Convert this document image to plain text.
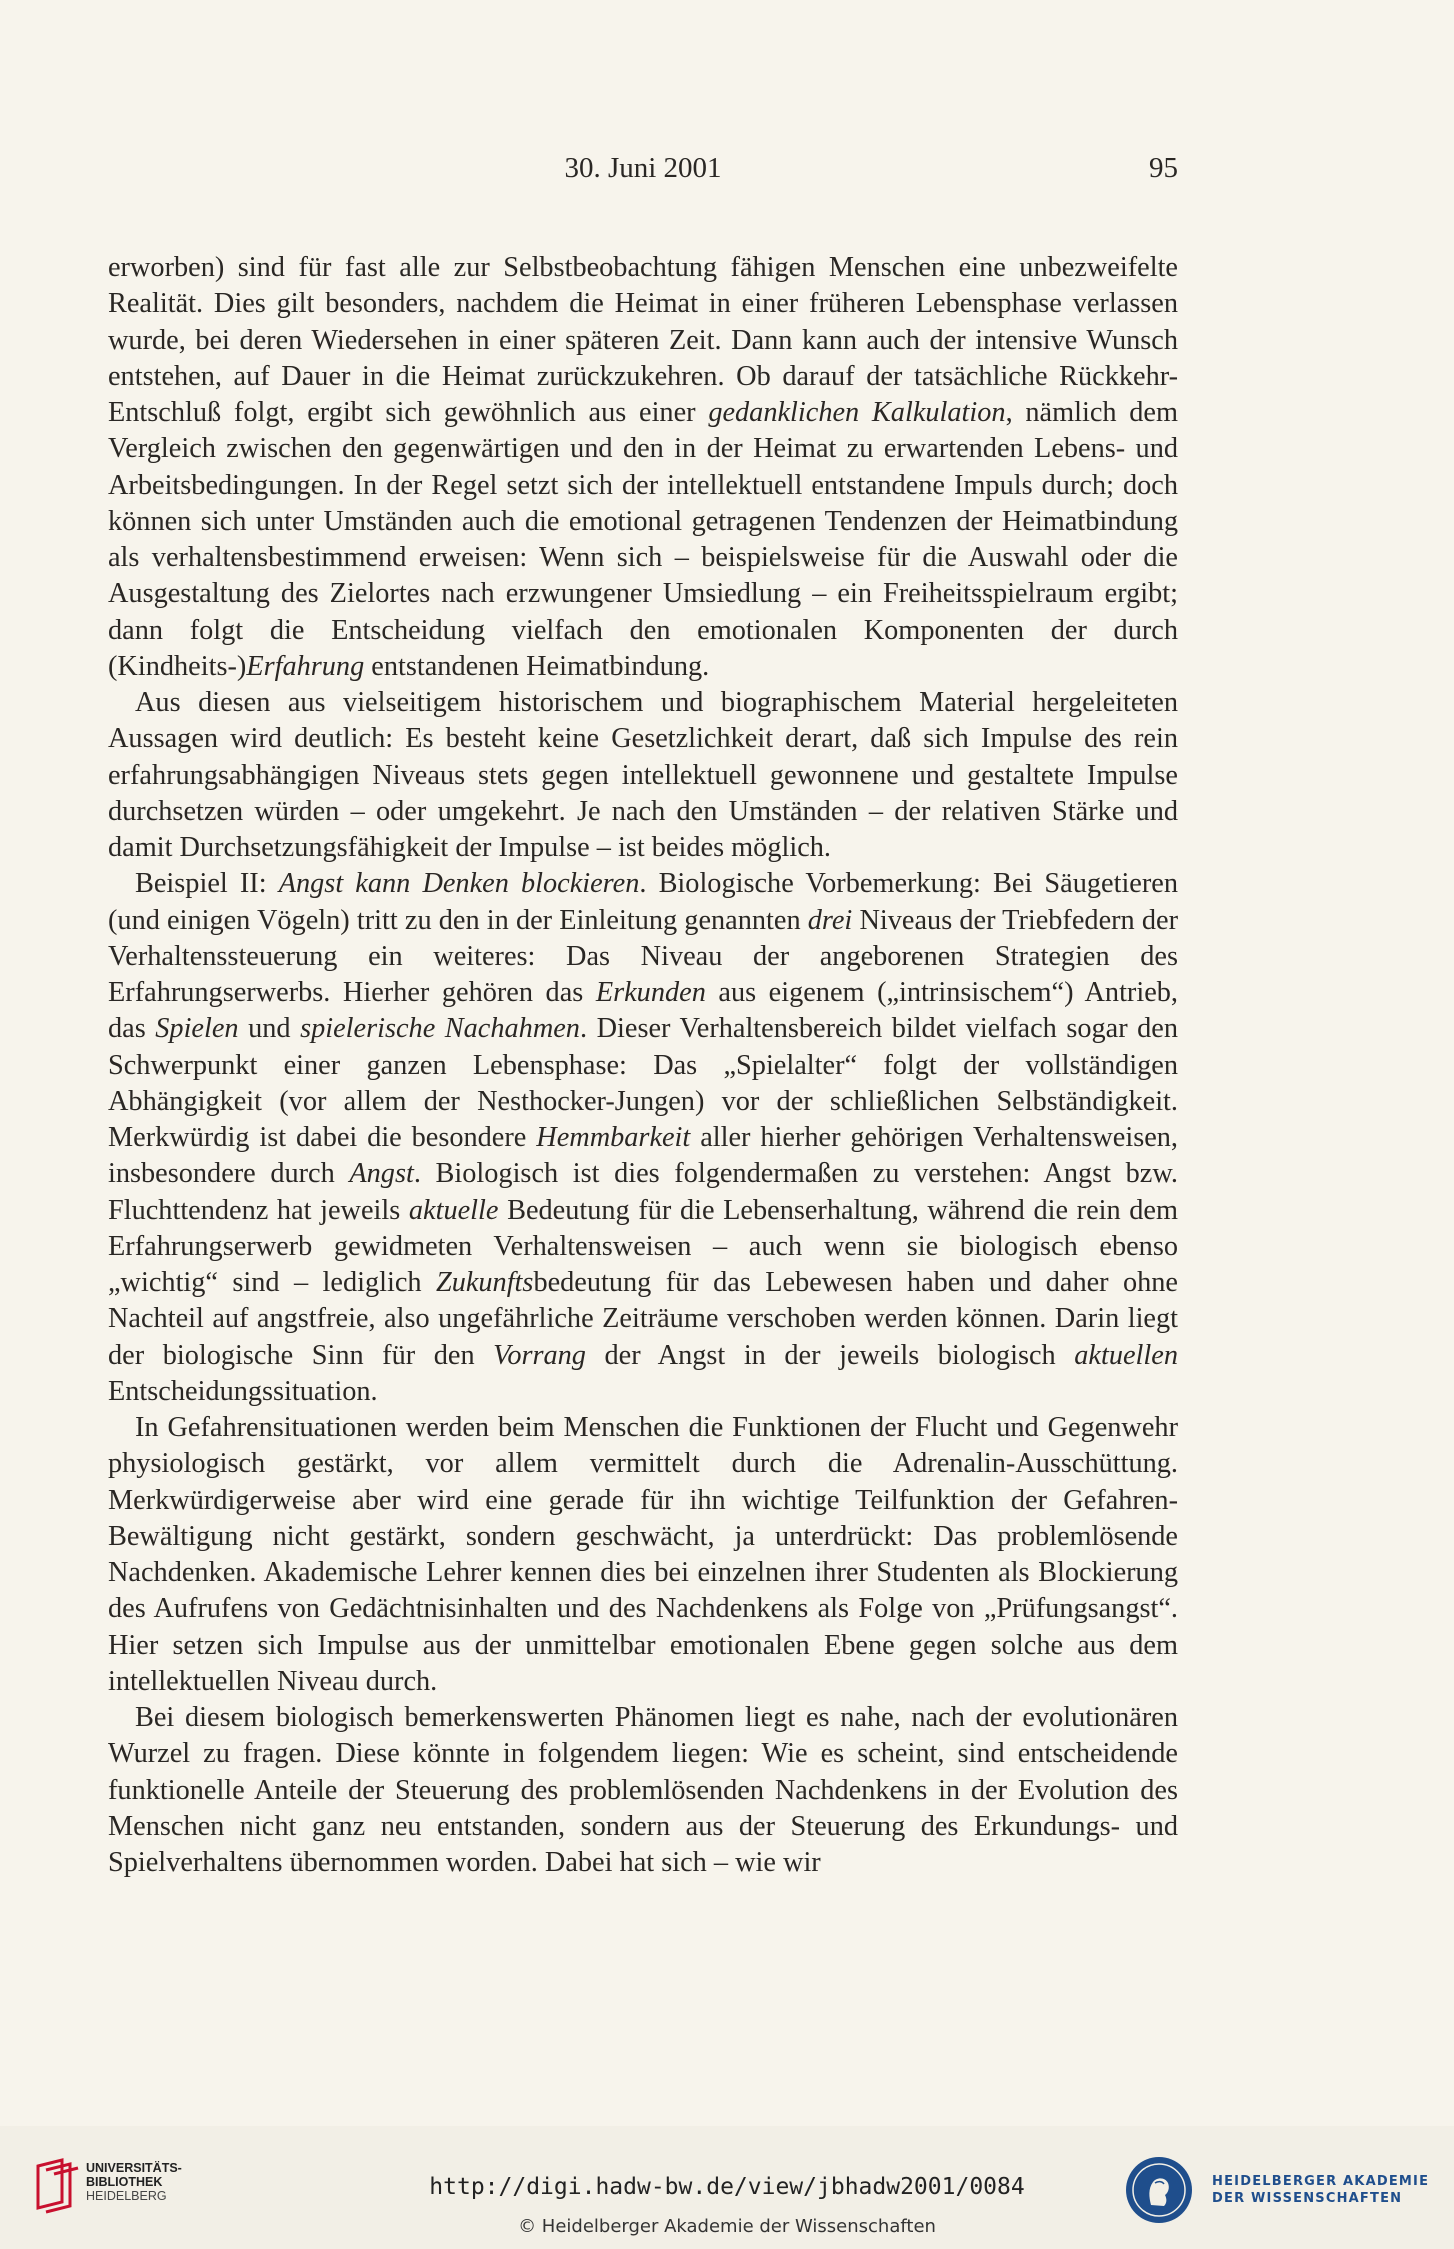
30. Juni 2001	95

erworben) sind für fast alle zur Selbstbeobachtung fähigen Menschen eine unbezweifelte Realität. Dies gilt besonders, nachdem die Heimat in einer früheren Lebensphase verlassen wurde, bei deren Wiedersehen in einer späteren Zeit. Dann kann auch der intensive Wunsch entstehen, auf Dauer in die Heimat zurückzukehren. Ob darauf der tatsächliche Rückkehr-Entschluß folgt, ergibt sich gewöhnlich aus einer gedanklichen Kalkulation, nämlich dem Vergleich zwischen den gegenwärtigen und den in der Heimat zu erwartenden Lebens- und Arbeitsbedingungen. In der Regel setzt sich der intellektuell entstandene Impuls durch; doch können sich unter Umständen auch die emotional getragenen Tendenzen der Heimatbindung als verhaltensbestimmend erweisen: Wenn sich – beispielsweise für die Auswahl oder die Ausgestaltung des Zielortes nach erzwungener Umsiedlung – ein Freiheitsspielraum ergibt; dann folgt die Entscheidung vielfach den emotionalen Komponenten der durch (Kindheits-)Erfahrung entstandenen Heimatbindung.

Aus diesen aus vielseitigem historischem und biographischem Material hergeleiteten Aussagen wird deutlich: Es besteht keine Gesetzlichkeit derart, daß sich Impulse des rein erfahrungsabhängigen Niveaus stets gegen intellektuell gewonnene und gestaltete Impulse durchsetzen würden – oder umgekehrt. Je nach den Umständen – der relativen Stärke und damit Durchsetzungsfähigkeit der Impulse – ist beides möglich.

Beispiel II: Angst kann Denken blockieren. Biologische Vorbemerkung: Bei Säugetieren (und einigen Vögeln) tritt zu den in der Einleitung genannten drei Niveaus der Triebfedern der Verhaltenssteuerung ein weiteres: Das Niveau der angeborenen Strategien des Erfahrungserwerbs. Hierher gehören das Erkunden aus eigenem („intrinsischem“) Antrieb, das Spielen und spielerische Nachahmen. Dieser Verhaltensbereich bildet vielfach sogar den Schwerpunkt einer ganzen Lebensphase: Das „Spielalter“ folgt der vollständigen Abhängigkeit (vor allem der Nesthocker-Jungen) vor der schließlichen Selbständigkeit. Merkwürdig ist dabei die besondere Hemmbarkeit aller hierher gehörigen Verhaltensweisen, insbesondere durch Angst. Biologisch ist dies folgendermaßen zu verstehen: Angst bzw. Fluchttendenz hat jeweils aktuelle Bedeutung für die Lebenserhaltung, während die rein dem Erfahrungserwerb gewidmeten Verhaltensweisen – auch wenn sie biologisch ebenso „wichtig“ sind – lediglich Zukunftsbedeutung für das Lebewesen haben und daher ohne Nachteil auf angstfreie, also ungefährliche Zeiträume verschoben werden können. Darin liegt der biologische Sinn für den Vorrang der Angst in der jeweils biologisch aktuellen Entscheidungssituation.

In Gefahrensituationen werden beim Menschen die Funktionen der Flucht und Gegenwehr physiologisch gestärkt, vor allem vermittelt durch die Adrenalin-Ausschüttung. Merkwürdigerweise aber wird eine gerade für ihn wichtige Teilfunktion der Gefahren-Bewältigung nicht gestärkt, sondern geschwächt, ja unterdrückt: Das problemlösende Nachdenken. Akademische Lehrer kennen dies bei einzelnen ihrer Studenten als Blockierung des Aufrufens von Gedächtnisinhalten und des Nachdenkens als Folge von „Prüfungsangst“. Hier setzen sich Impulse aus der unmittelbar emotionalen Ebene gegen solche aus dem intellektuellen Niveau durch.

Bei diesem biologisch bemerkenswerten Phänomen liegt es nahe, nach der evolutionären Wurzel zu fragen. Diese könnte in folgendem liegen: Wie es scheint, sind entscheidende funktionelle Anteile der Steuerung des problemlösenden Nachdenkens in der Evolution des Menschen nicht ganz neu entstanden, sondern aus der Steuerung des Erkundungs- und Spielverhaltens übernommen worden. Dabei hat sich – wie wir

UNIVERSITÄTS-
BIBLIOTHEK
HEIDELBERG	http://digi.hadw-bw.de/view/jbhadw2001/0084
© Heidelberger Akademie der Wissenschaften
HEIDELBERGER AKADEMIE
DER WISSENSCHAFTEN
